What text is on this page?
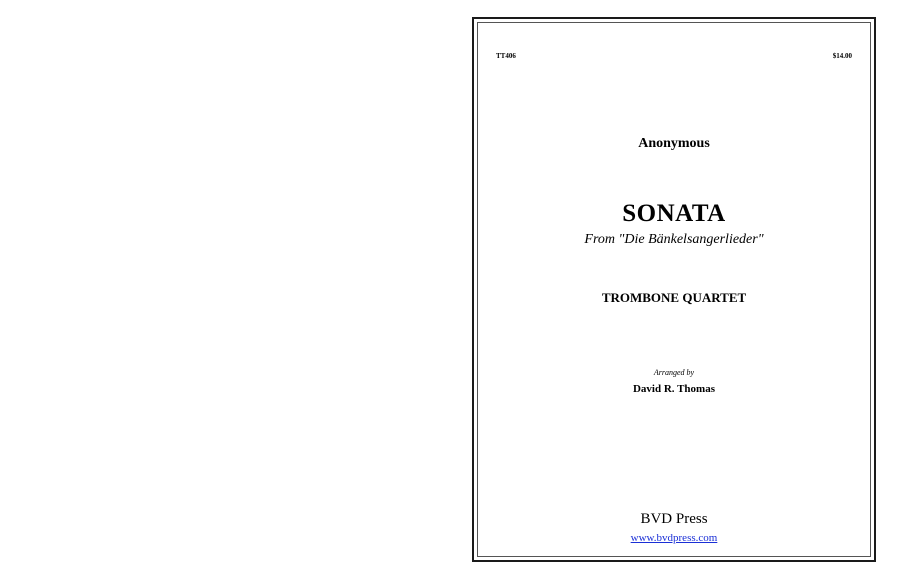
TT406	$14.00
Anonymous
SONATA
From "Die Bänkelsangerlieder"
TROMBONE QUARTET
Arranged by
David R. Thomas
BVD Press
www.bvdpress.com
